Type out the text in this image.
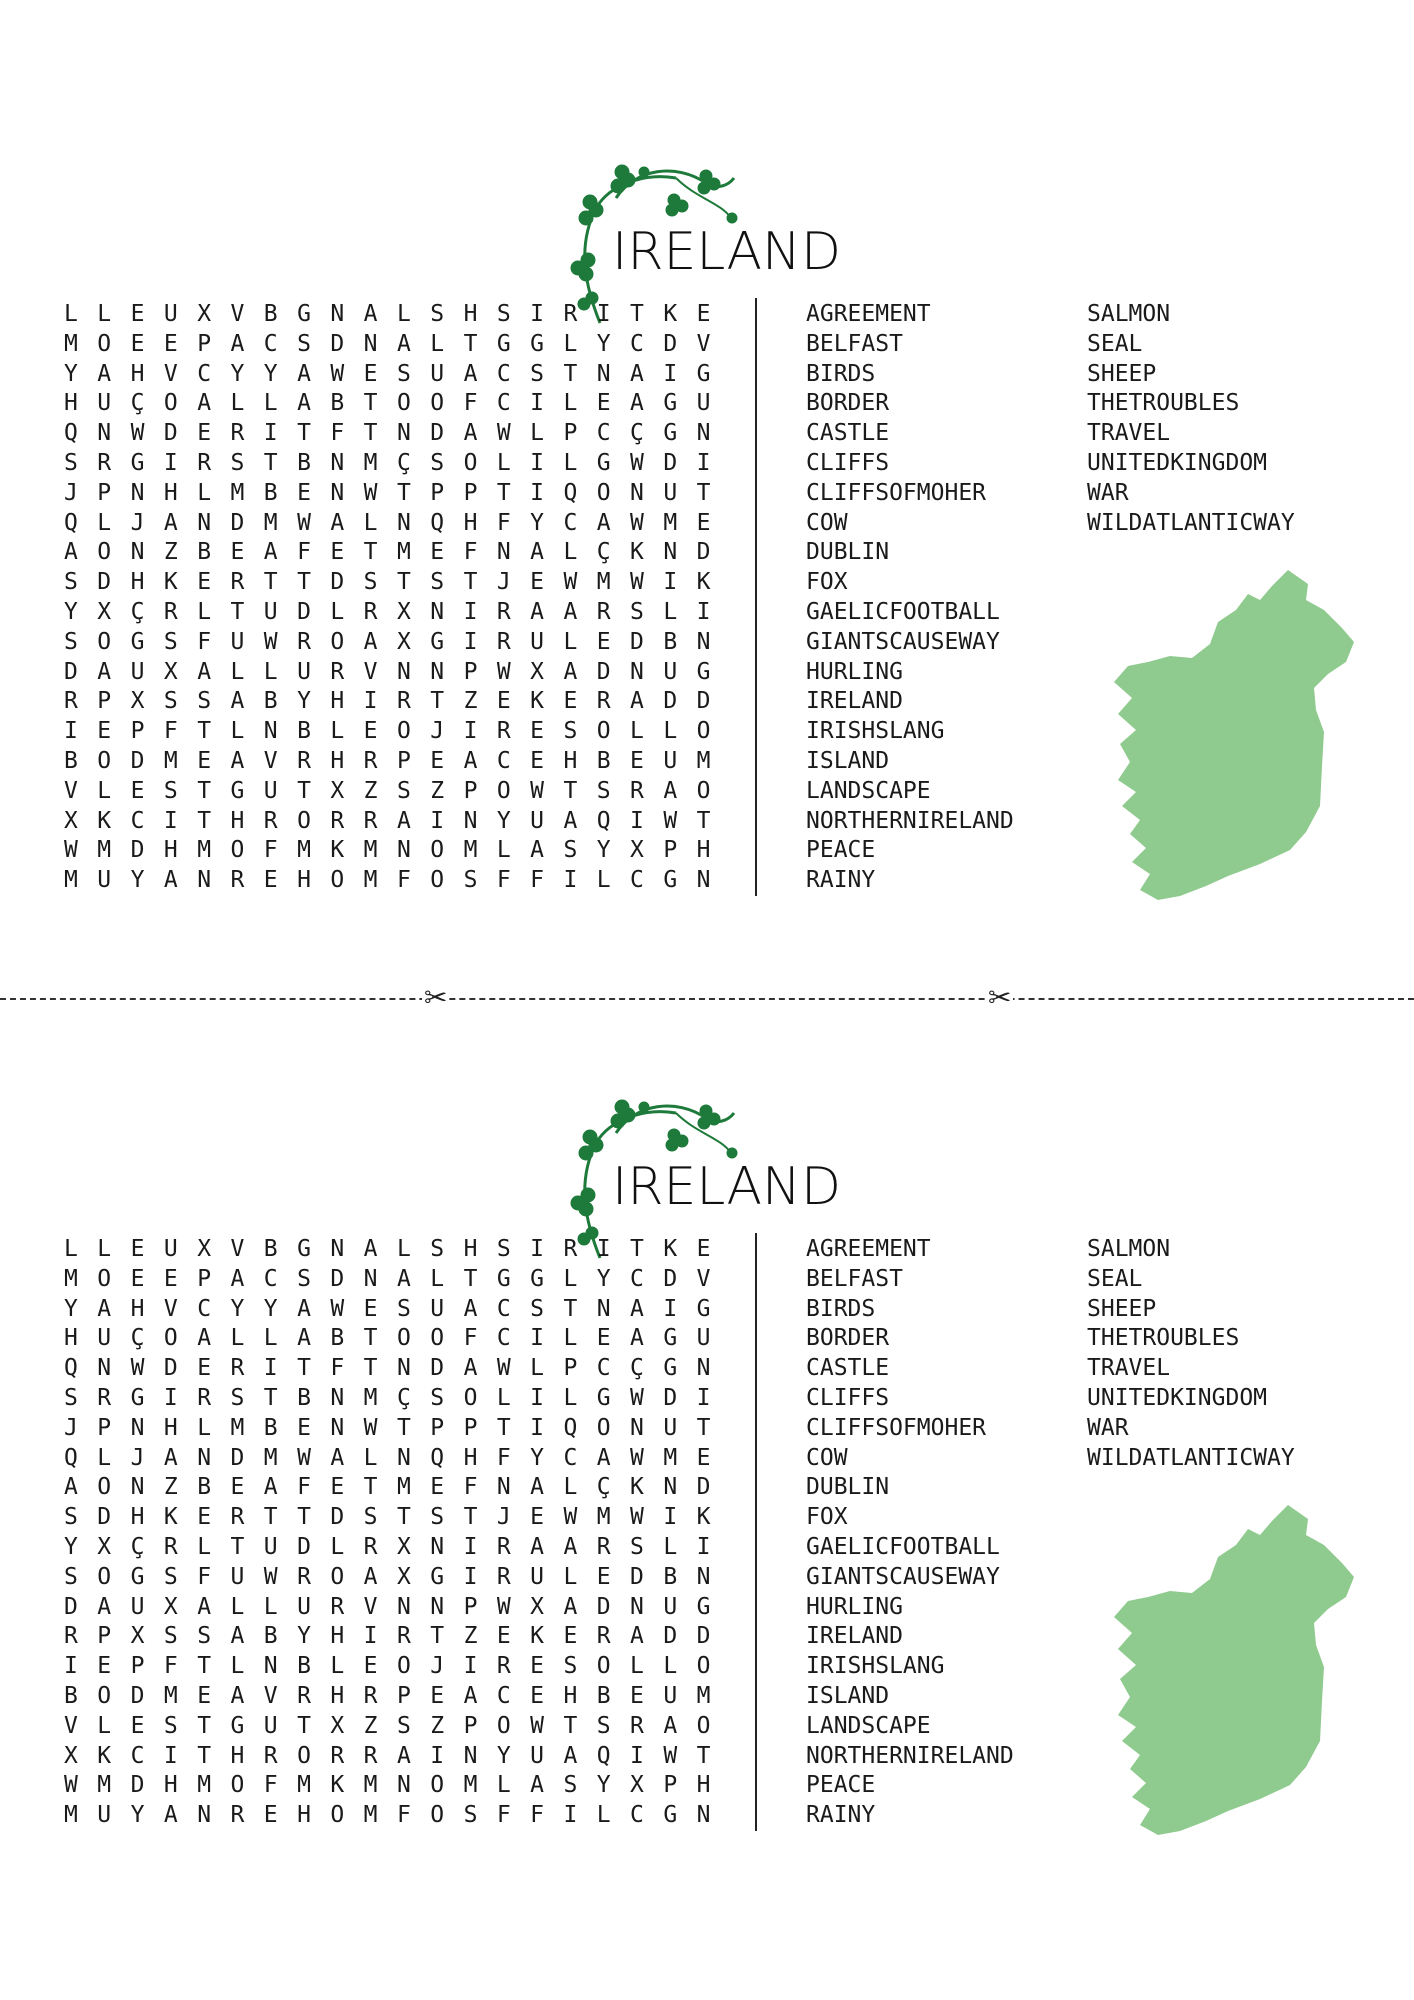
IRELAND
L L E U X V B G N A L S H S I R I T K E
M O E E P A C S D N A L T G G L Y C D V
Y A H V C Y Y A W E S U A C S T N A I G
H U Ç O A L L A B T O O F C I L E A G U
Q N W D E R I T F T N D A W L P C Ç G N
S R G I R S T B N M Ç S O L I L G W D I
J P N H L M B E N W T P P T I Q O N U T
Q L J A N D M W A L N Q H F Y C A W M E
A O N Z B E A F E T M E F N A L Ç K N D
S D H K E R T T D S T S T J E W M W I K
Y X Ç R L T U D L R X N I R A A R S L I
S O G S F U W R O A X G I R U L E D B N
D A U X A L L U R V N N P W X A D N U G
R P X S S A B Y H I R T Z E K E R A D D
I E P F T L N B L E O J I R E S O L L O
B O D M E A V R H R P E A C E H B E U M
V L E S T G U T X Z S Z P O W T S R A O
X K C I T H R O R R A I N Y U A Q I W T
W M D H M O F M K M N O M L A S Y X P H
M U Y A N R E H O M F O S F F I L C G N
AGREEMENT
BELFAST
BIRDS
BORDER
CASTLE
CLIFFS
CLIFFSOFMOHER
COW
DUBLIN
FOX
GAELICFOOTBALL
GIANTSCAUSEWAY
HURLING
IRELAND
IRISHSLANG
ISLAND
LANDSCAPE
NORTHERNIRELAND
PEACE
RAINY
SALMON
SEAL
SHEEP
THETROUBLES
TRAVEL
UNITEDKINGDOM
WAR
WILDATLANTICWAY
✂	✂
IRELAND
L L E U X V B G N A L S H S I R I T K E
M O E E P A C S D N A L T G G L Y C D V
Y A H V C Y Y A W E S U A C S T N A I G
H U Ç O A L L A B T O O F C I L E A G U
Q N W D E R I T F T N D A W L P C Ç G N
S R G I R S T B N M Ç S O L I L G W D I
J P N H L M B E N W T P P T I Q O N U T
Q L J A N D M W A L N Q H F Y C A W M E
A O N Z B E A F E T M E F N A L Ç K N D
S D H K E R T T D S T S T J E W M W I K
Y X Ç R L T U D L R X N I R A A R S L I
S O G S F U W R O A X G I R U L E D B N
D A U X A L L U R V N N P W X A D N U G
R P X S S A B Y H I R T Z E K E R A D D
I E P F T L N B L E O J I R E S O L L O
B O D M E A V R H R P E A C E H B E U M
V L E S T G U T X Z S Z P O W T S R A O
X K C I T H R O R R A I N Y U A Q I W T
W M D H M O F M K M N O M L A S Y X P H
M U Y A N R E H O M F O S F F I L C G N
AGREEMENT
BELFAST
BIRDS
BORDER
CASTLE
CLIFFS
CLIFFSOFMOHER
COW
DUBLIN
FOX
GAELICFOOTBALL
GIANTSCAUSEWAY
HURLING
IRELAND
IRISHSLANG
ISLAND
LANDSCAPE
NORTHERNIRELAND
PEACE
RAINY
SALMON
SEAL
SHEEP
THETROUBLES
TRAVEL
UNITEDKINGDOM
WAR
WILDATLANTICWAY
